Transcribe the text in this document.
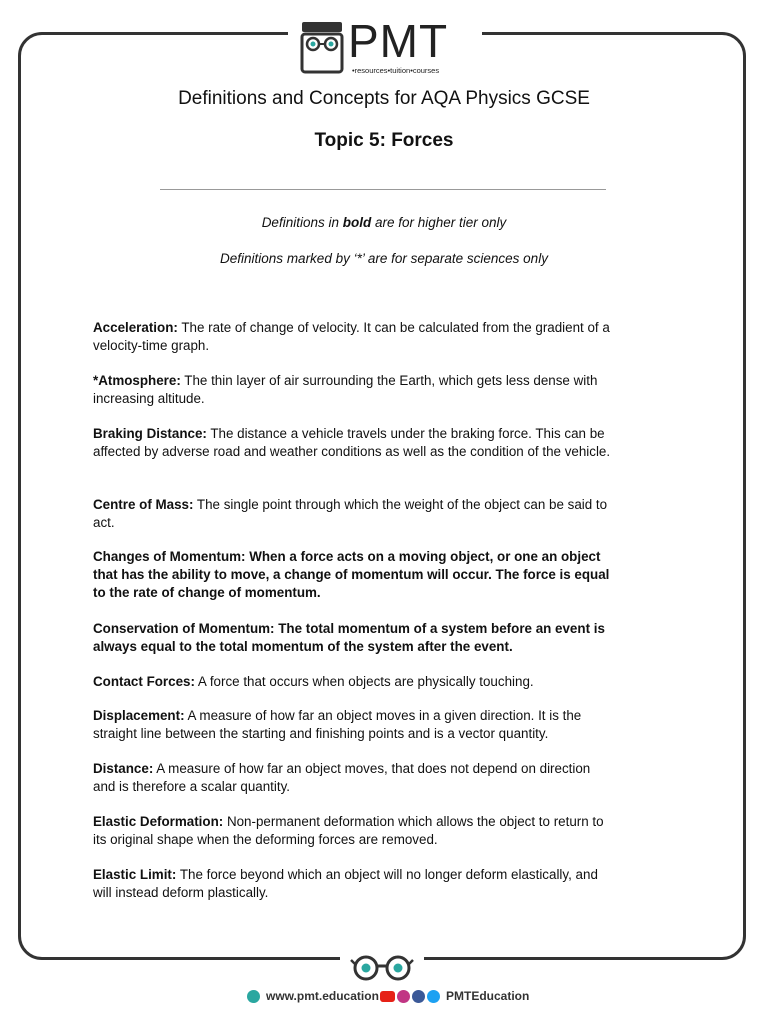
PMT
•resources•tuition•courses
Definitions and Concepts for AQA Physics GCSE
Topic 5: Forces
Definitions in bold are for higher tier only
Definitions marked by ‘*’ are for separate sciences only

Acceleration: The rate of change of velocity. It can be calculated from the gradient of a velocity-time graph.

*Atmosphere: The thin layer of air surrounding the Earth, which gets less dense with increasing altitude.

Braking Distance: The distance a vehicle travels under the braking force. This can be affected by adverse road and weather conditions as well as the condition of the vehicle.

Centre of Mass: The single point through which the weight of the object can be said to act.

Changes of Momentum: When a force acts on a moving object, or one an object that has the ability to move, a change of momentum will occur. The force is equal to the rate of change of momentum.

Conservation of Momentum: The total momentum of a system before an event is always equal to the total momentum of the system after the event.

Contact Forces: A force that occurs when objects are physically touching.

Displacement: A measure of how far an object moves in a given direction. It is the straight line between the starting and finishing points and is a vector quantity.

Distance: A measure of how far an object moves, that does not depend on direction and is therefore a scalar quantity.

Elastic Deformation: Non-permanent deformation which allows the object to return to its original shape when the deforming forces are removed.

Elastic Limit: The force beyond which an object will no longer deform elastically, and will instead deform plastically.

www.pmt.education	PMTEducation
